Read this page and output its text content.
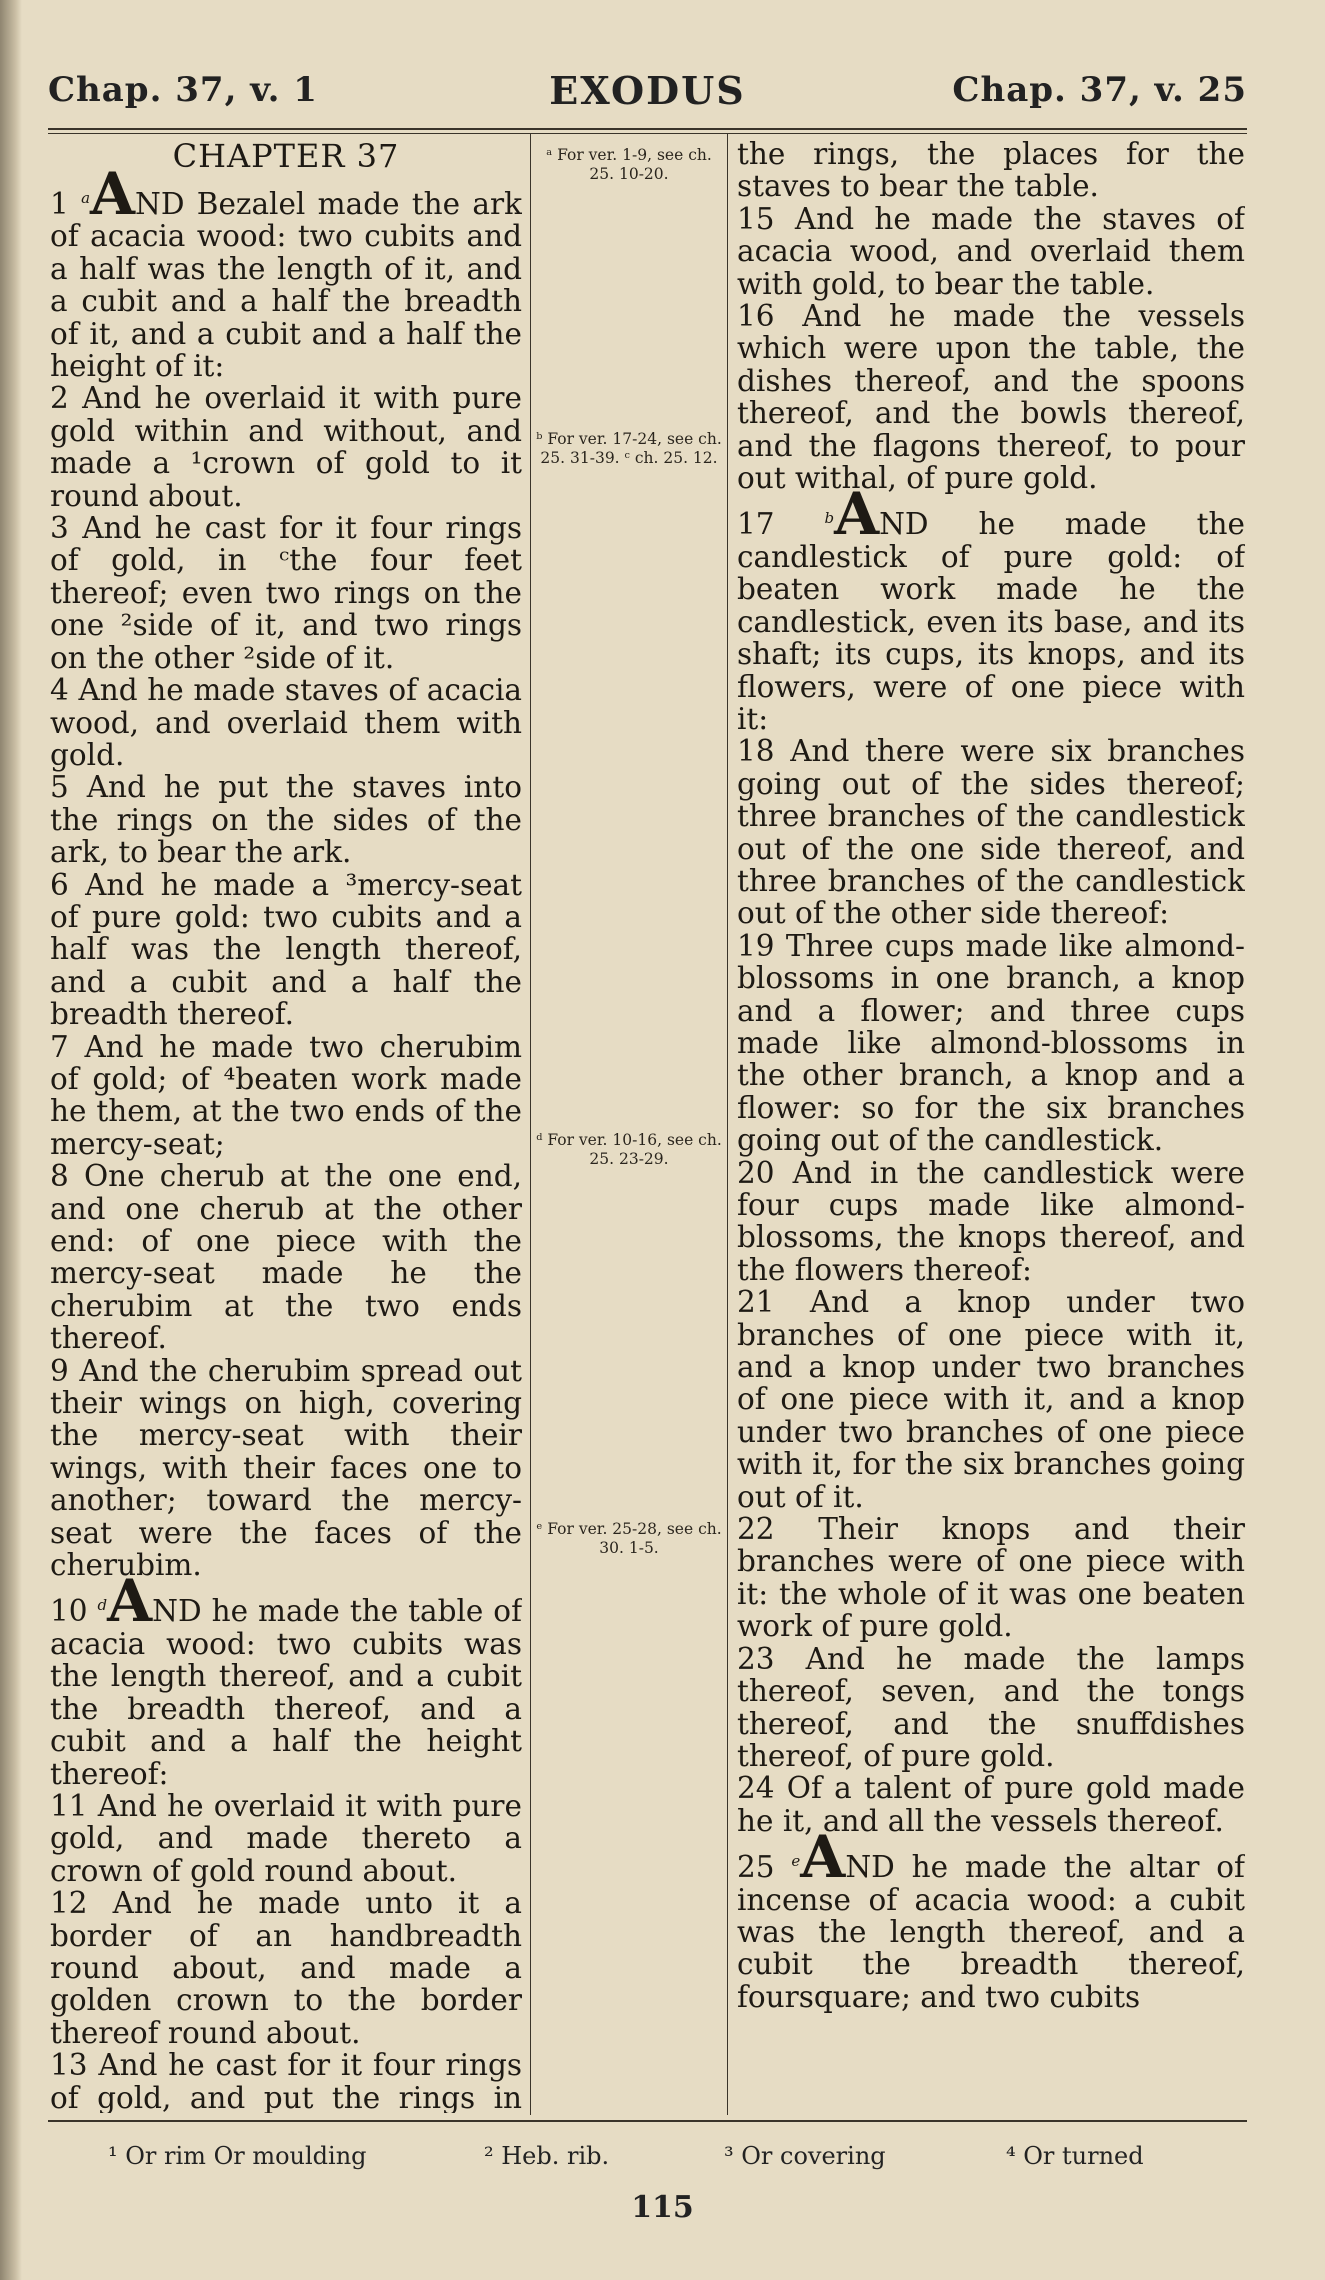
Chap. 37, v. 1	EXODUS	Chap. 37, v. 25

CHAPTER 37

1 $^a$AND Bezalel made the ark of acacia wood: two cubits and a half was the length of it, and a cubit and a half the breadth of it, and a cubit and a half the height of it:

2 And he overlaid it with pure gold within and without, and made a ¹crown of gold to it round about.

3 And he cast for it four rings of gold, in ᶜthe four feet thereof; even two rings on the one ²side of it, and two rings on the other ²side of it.

4 And he made staves of acacia wood, and overlaid them with gold.

5 And he put the staves into the rings on the sides of the ark, to bear the ark.

6 And he made a ³mercy-seat of pure gold: two cubits and a half was the length thereof, and a cubit and a half the breadth thereof.

7 And he made two cherubim of gold; of ⁴beaten work made he them, at the two ends of the mercy-seat;

8 One cherub at the one end, and one cherub at the other end: of one piece with the mercy-seat made he the cherubim at the two ends thereof.

9 And the cherubim spread out their wings on high, covering the mercy-seat with their wings, with their faces one to another; toward the mercy-seat were the faces of the cherubim.

10 $^d$AND he made the table of acacia wood: two cubits was the length thereof, and a cubit the breadth thereof, and a cubit and a half the height thereof:

11 And he overlaid it with pure gold, and made thereto a crown of gold round about.

12 And he made unto it a border of an handbreadth round about, and made a golden crown to the border thereof round about.

13 And he cast for it four rings of gold, and put the rings in

ᵃ For ver. 1-9, see ch. 25. 10-20.
ᵇ For ver. 17-24, see ch. 25. 31-39. ᶜ ch. 25. 12.
ᵈ For ver. 10-16, see ch. 25. 23-29.
ᵉ For ver. 25-28, see ch. 30. 1-5.

the rings, the places for the staves to bear the table.

15 And he made the staves of acacia wood, and overlaid them with gold, to bear the table.

16 And he made the vessels which were upon the table, the dishes thereof, and the spoons thereof, and the bowls thereof, and the flagons thereof, to pour out withal, of pure gold.

17	$^b$AND he made the candlestick of pure gold: of beaten work made he the candlestick, even its base, and its shaft; its cups, its knops, and its flowers, were of one piece with it:

18 And there were six branches going out of the sides thereof; three branches of the candlestick out of the one side thereof, and three branches of the candlestick out of the other side thereof:

19 Three cups made like almond-blossoms in one branch, a knop and a flower; and three cups made like almond-blossoms in the other branch, a knop and a flower: so for the six branches going out of the candlestick.

20 And in the candlestick were four cups made like almond-blossoms, the knops thereof, and the flowers thereof:

21 And a knop under two branches of one piece with it, and a knop under two branches of one piece with it, and a knop under two branches of one piece with it, for the six branches going out of it.

22 Their knops and their branches were of one piece with it: the whole of it was one beaten work of pure gold.

23 And he made the lamps thereof, seven, and the tongs thereof, and the snuffdishes thereof, of pure gold.

24 Of a talent of pure gold made he it, and all the vessels thereof.

25 $^e$AND he made the altar of incense of acacia wood: a cubit was the length thereof, and a cubit the breadth thereof, foursquare; and two cubits

¹ Or rim Or moulding	² Heb. rib.	³ Or covering	⁴ Or turned
115
